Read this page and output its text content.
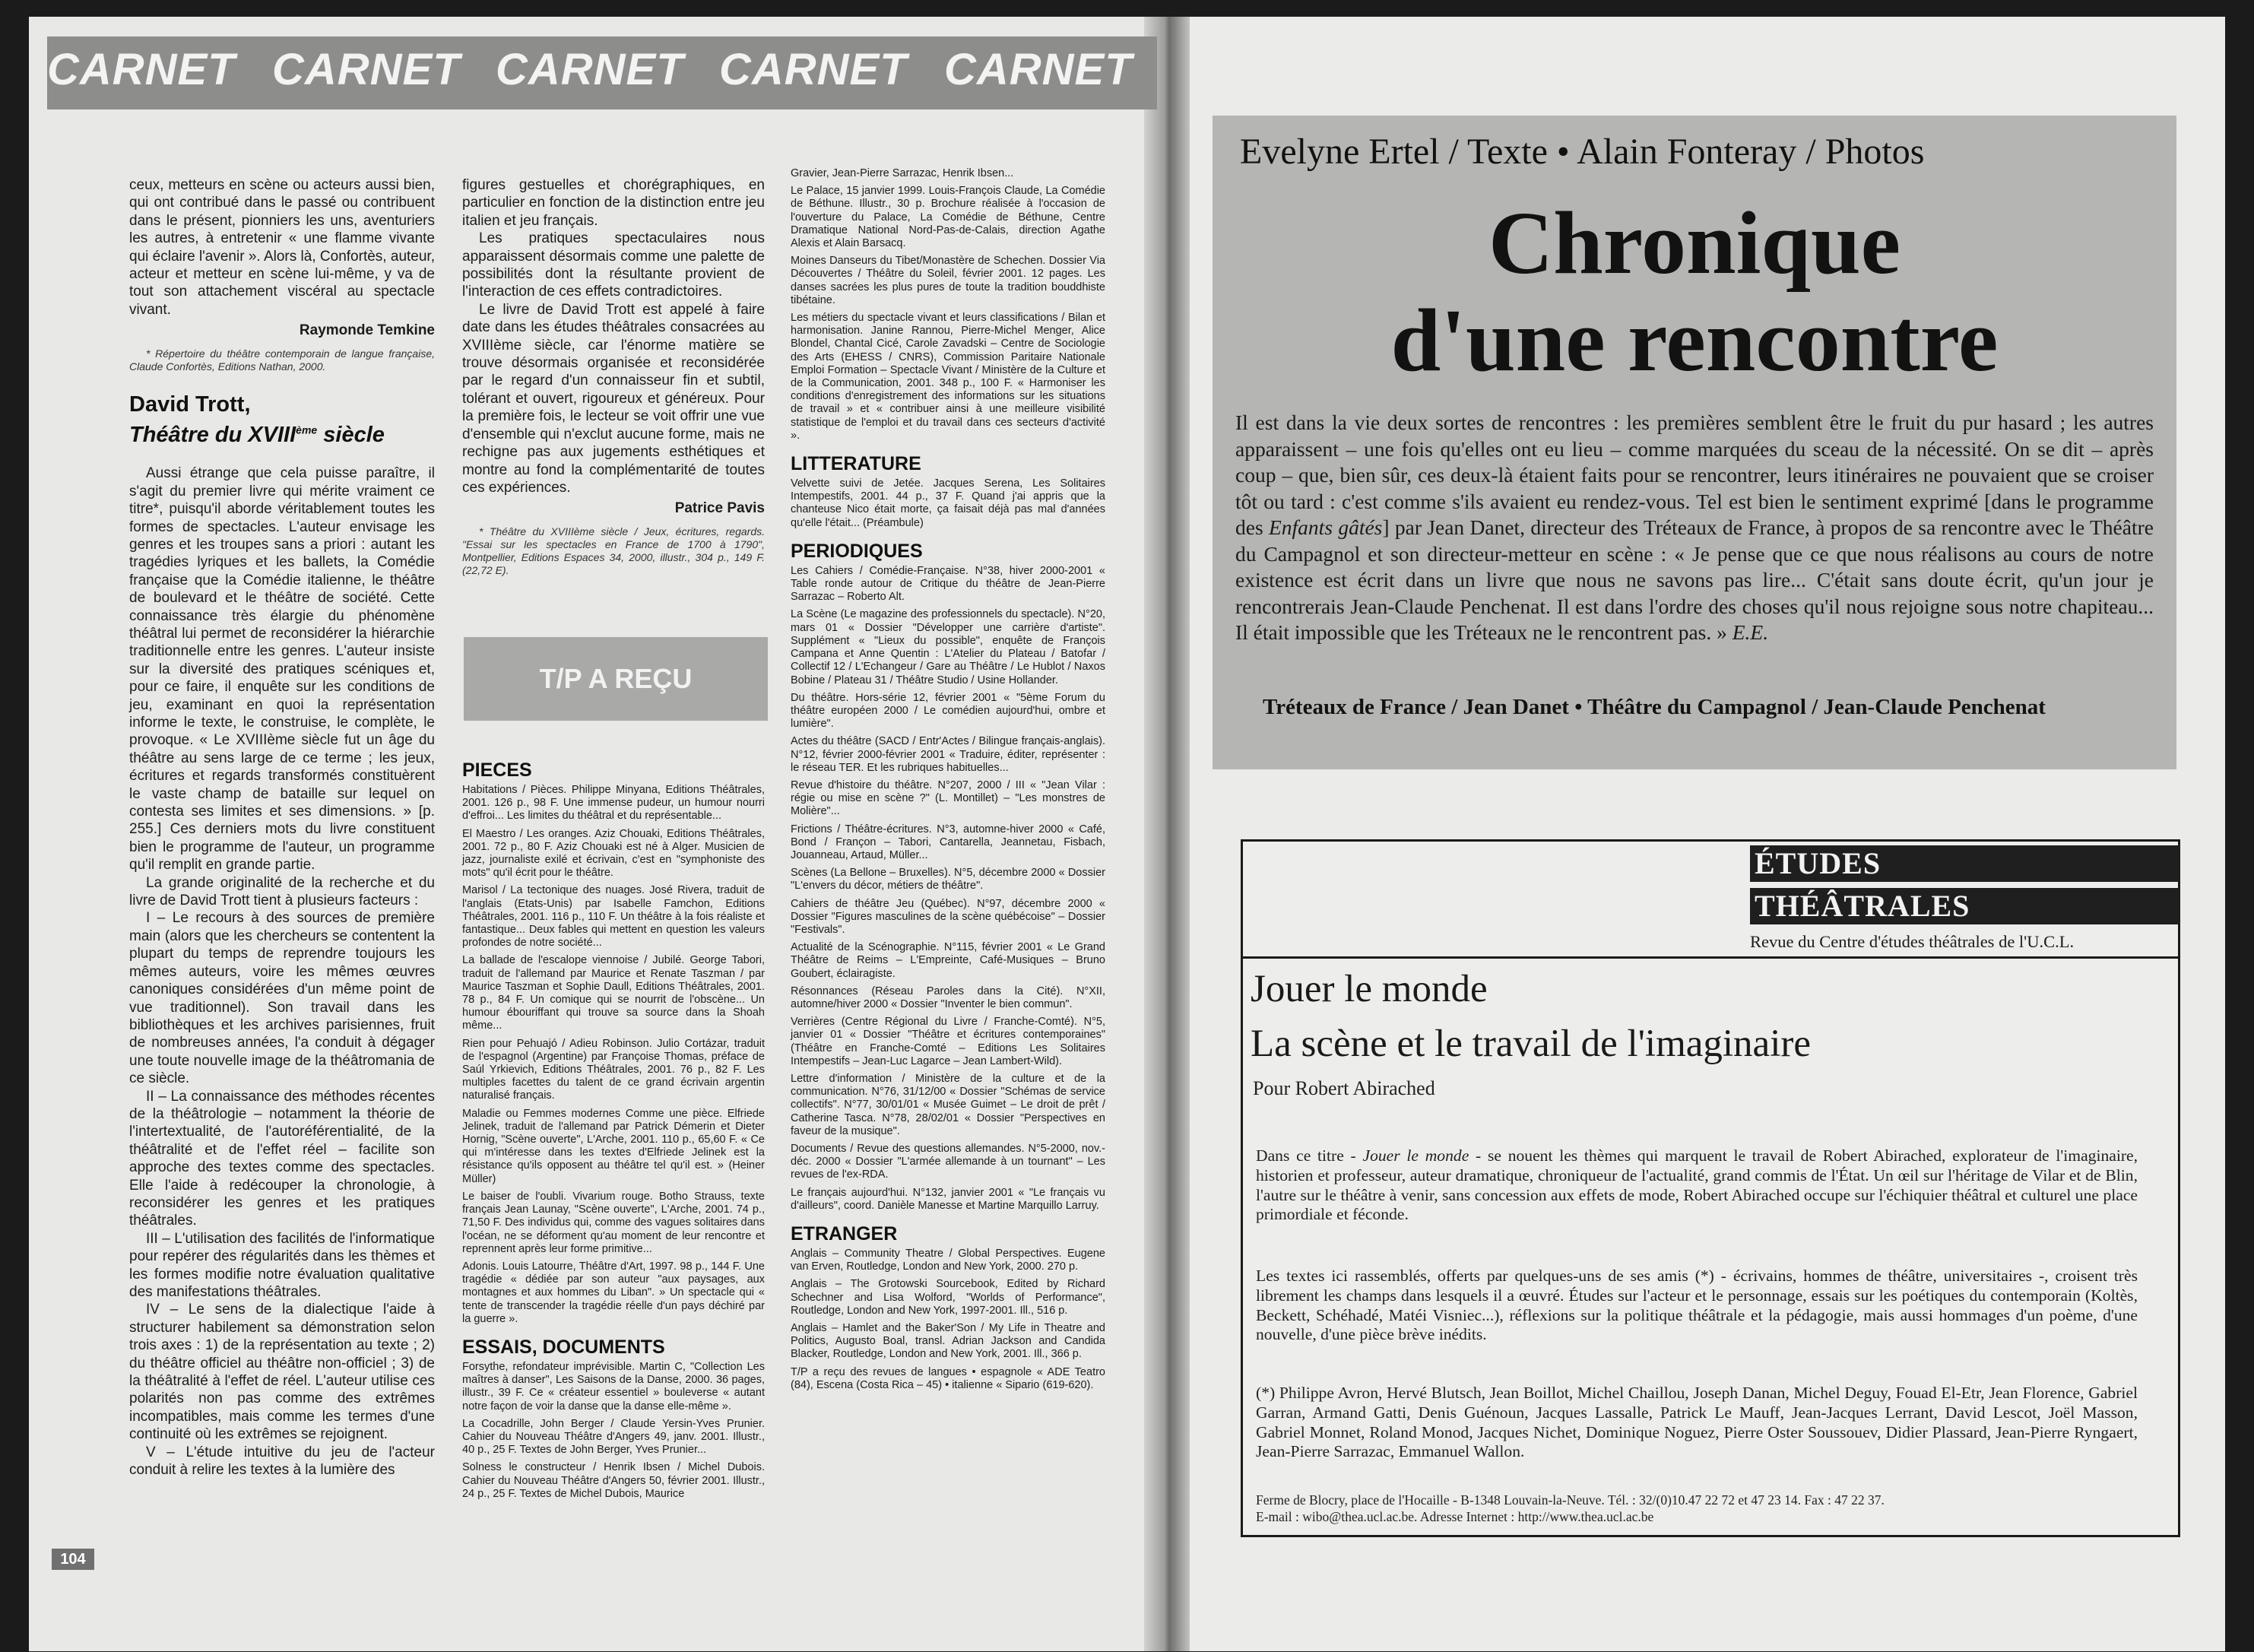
CARNET CARNET CARNET CARNET CARNET

ceux, metteurs en scène ou acteurs aussi bien, qui ont contribué dans le passé ou contribuent dans le présent, pionniers les uns, aventuriers les autres, à entretenir « une flamme vivante qui éclaire l'avenir ». Alors là, Confortès, auteur, acteur et metteur en scène lui-même, y va de tout son attachement viscéral au spectacle vivant.

Raymonde Temkine

* Répertoire du théâtre contemporain de langue française, Claude Confortès, Editions Nathan, 2000.

David Trott,
Théâtre du XVIIIème siècle

Aussi étrange que cela puisse paraître, il s'agit du premier livre qui mérite vraiment ce titre*, puisqu'il aborde véritablement toutes les formes de spectacles. L'auteur envisage les genres et les troupes sans a priori : autant les tragédies lyriques et les ballets, la Comédie française que la Comédie italienne, le théâtre de boulevard et le théâtre de société. Cette connaissance très élargie du phénomène théâtral lui permet de reconsidérer la hiérarchie traditionnelle entre les genres. L'auteur insiste sur la diversité des pratiques scéniques et, pour ce faire, il enquête sur les conditions de jeu, examinant en quoi la représentation informe le texte, le construise, le complète, le provoque. « Le XVIIIème siècle fut un âge du théâtre au sens large de ce terme ; les jeux, écritures et regards transformés constituèrent le vaste champ de bataille sur lequel on contesta ses limites et ses dimensions. » [p. 255.] Ces derniers mots du livre constituent bien le programme de l'auteur, un programme qu'il remplit en grande partie.

La grande originalité de la recherche et du livre de David Trott tient à plusieurs facteurs :

I – Le recours à des sources de première main (alors que les chercheurs se contentent la plupart du temps de reprendre toujours les mêmes auteurs, voire les mêmes œuvres canoniques considérées d'un même point de vue traditionnel). Son travail dans les bibliothèques et les archives parisiennes, fruit de nombreuses années, l'a conduit à dégager une toute nouvelle image de la théâtromania de ce siècle.

II – La connaissance des méthodes récentes de la théâtrologie – notamment la théorie de l'intertextualité, de l'autoréférentialité, de la théâtralité et de l'effet réel – facilite son approche des textes comme des spectacles. Elle l'aide à redécouper la chronologie, à reconsidérer les genres et les pratiques théâtrales.

III – L'utilisation des facilités de l'informatique pour repérer des régularités dans les thèmes et les formes modifie notre évaluation qualitative des manifestations théâtrales.

IV – Le sens de la dialectique l'aide à structurer habilement sa démonstration selon trois axes : 1) de la représentation au texte ; 2) du théâtre officiel au théâtre non-officiel ; 3) de la théâtralité à l'effet de réel. L'auteur utilise ces polarités non pas comme des extrêmes incompatibles, mais comme les termes d'une continuité où les extrêmes se rejoignent.

V – L'étude intuitive du jeu de l'acteur conduit à relire les textes à la lumière des

figures gestuelles et chorégraphiques, en particulier en fonction de la distinction entre jeu italien et jeu français.

Les pratiques spectaculaires nous apparaissent désormais comme une palette de possibilités dont la résultante provient de l'interaction de ces effets contradictoires.

Le livre de David Trott est appelé à faire date dans les études théâtrales consacrées au XVIIIème siècle, car l'énorme matière se trouve désormais organisée et reconsidérée par le regard d'un connaisseur fin et subtil, tolérant et ouvert, rigoureux et généreux. Pour la première fois, le lecteur se voit offrir une vue d'ensemble qui n'exclut aucune forme, mais ne rechigne pas aux jugements esthétiques et montre au fond la complémentarité de toutes ces expériences.

Patrice Pavis

* Théâtre du XVIIIème siècle / Jeux, écritures, regards. "Essai sur les spectacles en France de 1700 à 1790", Montpellier, Editions Espaces 34, 2000, illustr., 304 p., 149 F. (22,72 E).

T/P A REÇU
PIECES
Habitations / Pièces. Philippe Minyana, Editions Théâtrales, 2001. 126 p., 98 F. Une immense pudeur, un humour nourri d'effroi... Les limites du théâtral et du représentable...
El Maestro / Les oranges. Aziz Chouaki, Editions Théâtrales, 2001. 72 p., 80 F. Aziz Chouaki est né à Alger. Musicien de jazz, journaliste exilé et écrivain, c'est en "symphoniste des mots" qu'il écrit pour le théâtre.
Marisol / La tectonique des nuages. José Rivera, traduit de l'anglais (Etats-Unis) par Isabelle Famchon, Editions Théâtrales, 2001. 116 p., 110 F. Un théâtre à la fois réaliste et fantastique... Deux fables qui mettent en question les valeurs profondes de notre société...
La ballade de l'escalope viennoise / Jubilé. George Tabori, traduit de l'allemand par Maurice et Renate Taszman / par Maurice Taszman et Sophie Daull, Editions Théâtrales, 2001. 78 p., 84 F. Un comique qui se nourrit de l'obscène... Un humour ébouriffant qui trouve sa source dans la Shoah même...
Rien pour Pehuajó / Adieu Robinson. Julio Cortázar, traduit de l'espagnol (Argentine) par Françoise Thomas, préface de Saúl Yrkievich, Editions Théâtrales, 2001. 76 p., 82 F. Les multiples facettes du talent de ce grand écrivain argentin naturalisé français.
Maladie ou Femmes modernes Comme une pièce. Elfriede Jelinek, traduit de l'allemand par Patrick Démerin et Dieter Hornig, "Scène ouverte", L'Arche, 2001. 110 p., 65,60 F. « Ce qui m'intéresse dans les textes d'Elfriede Jelinek est la résistance qu'ils opposent au théâtre tel qu'il est. » (Heiner Müller)
Le baiser de l'oubli. Vivarium rouge. Botho Strauss, texte français Jean Launay, "Scène ouverte", L'Arche, 2001. 74 p., 71,50 F. Des individus qui, comme des vagues solitaires dans l'océan, ne se déforment qu'au moment de leur rencontre et reprennent après leur forme primitive...
Adonis. Louis Latourre, Théâtre d'Art, 1997. 98 p., 144 F. Une tragédie « dédiée par son auteur "aux paysages, aux montagnes et aux hommes du Liban". » Un spectacle qui « tente de transcender la tragédie réelle d'un pays déchiré par la guerre ».
ESSAIS, DOCUMENTS
Forsythe, refondateur imprévisible. Martin C, "Collection Les maîtres à danser", Les Saisons de la Danse, 2000. 36 pages, illustr., 39 F. Ce « créateur essentiel » bouleverse « autant notre façon de voir la danse que la danse elle-même ».
La Cocadrille, John Berger / Claude Yersin-Yves Prunier. Cahier du Nouveau Théâtre d'Angers 49, janv. 2001. Illustr., 40 p., 25 F. Textes de John Berger, Yves Prunier...
Solness le constructeur / Henrik Ibsen / Michel Dubois. Cahier du Nouveau Théâtre d'Angers 50, février 2001. Illustr., 24 p., 25 F. Textes de Michel Dubois, Maurice
Gravier, Jean-Pierre Sarrazac, Henrik Ibsen...
Le Palace, 15 janvier 1999. Louis-François Claude, La Comédie de Béthune. Illustr., 30 p. Brochure réalisée à l'occasion de l'ouverture du Palace, La Comédie de Béthune, Centre Dramatique National Nord-Pas-de-Calais, direction Agathe Alexis et Alain Barsacq.
Moines Danseurs du Tibet/Monastère de Schechen. Dossier Via Découvertes / Théâtre du Soleil, février 2001. 12 pages. Les danses sacrées les plus pures de toute la tradition bouddhiste tibétaine.
Les métiers du spectacle vivant et leurs classifications / Bilan et harmonisation. Janine Rannou, Pierre-Michel Menger, Alice Blondel, Chantal Cicé, Carole Zavadski – Centre de Sociologie des Arts (EHESS / CNRS), Commission Paritaire Nationale Emploi Formation – Spectacle Vivant / Ministère de la Culture et de la Communication, 2001. 348 p., 100 F. « Harmoniser les conditions d'enregistrement des informations sur les situations de travail » et « contribuer ainsi à une meilleure visibilité statistique de l'emploi et du travail dans ces secteurs d'activité ».
LITTERATURE
Velvette suivi de Jetée. Jacques Serena, Les Solitaires Intempestifs, 2001. 44 p., 37 F. Quand j'ai appris que la chanteuse Nico était morte, ça faisait déjà pas mal d'années qu'elle l'était... (Préambule)
PERIODIQUES
Les Cahiers / Comédie-Française. N°38, hiver 2000-2001 « Table ronde autour de Critique du théâtre de Jean-Pierre Sarrazac – Roberto Alt.
La Scène (Le magazine des professionnels du spectacle). N°20, mars 01 « Dossier "Développer une carrière d'artiste". Supplément « "Lieux du possible", enquête de François Campana et Anne Quentin : L'Atelier du Plateau / Batofar / Collectif 12 / L'Echangeur / Gare au Théâtre / Le Hublot / Naxos Bobine / Plateau 31 / Théâtre Studio / Usine Hollander.
Du théâtre. Hors-série 12, février 2001 « "5ème Forum du théâtre européen 2000 / Le comédien aujourd'hui, ombre et lumière".
Actes du théâtre (SACD / Entr'Actes / Bilingue français-anglais). N°12, février 2000-février 2001 « Traduire, éditer, représenter : le réseau TER. Et les rubriques habituelles...
Revue d'histoire du théâtre. N°207, 2000 / III « "Jean Vilar : régie ou mise en scène ?" (L. Montillet) – "Les monstres de Molière"...
Frictions / Théâtre-écritures. N°3, automne-hiver 2000 « Café, Bond / Françon – Tabori, Cantarella, Jeannetau, Fisbach, Jouanneau, Artaud, Müller...
Scènes (La Bellone – Bruxelles). N°5, décembre 2000 « Dossier "L'envers du décor, métiers de théâtre".
Cahiers de théâtre Jeu (Québec). N°97, décembre 2000 « Dossier "Figures masculines de la scène québécoise" – Dossier "Festivals".
Actualité de la Scénographie. N°115, février 2001 « Le Grand Théâtre de Reims – L'Empreinte, Café-Musiques – Bruno Goubert, éclairagiste.
Résonnances (Réseau Paroles dans la Cité). N°XII, automne/hiver 2000 « Dossier "Inventer le bien commun".
Verrières (Centre Régional du Livre / Franche-Comté). N°5, janvier 01 « Dossier "Théâtre et écritures contemporaines" (Théâtre en Franche-Comté – Editions Les Solitaires Intempestifs – Jean-Luc Lagarce – Jean Lambert-Wild).
Lettre d'information / Ministère de la culture et de la communication. N°76, 31/12/00 « Dossier "Schémas de service collectifs". N°77, 30/01/01 « Musée Guimet – Le droit de prêt / Catherine Tasca. N°78, 28/02/01 « Dossier "Perspectives en faveur de la musique".
Documents / Revue des questions allemandes. N°5-2000, nov.-déc. 2000 « Dossier "L'armée allemande à un tournant" – Les revues de l'ex-RDA.
Le français aujourd'hui. N°132, janvier 2001 « "Le français vu d'ailleurs", coord. Danièle Manesse et Martine Marquillo Larruy.
ETRANGER
Anglais – Community Theatre / Global Perspectives. Eugene van Erven, Routledge, London and New York, 2000. 270 p.
Anglais – The Grotowski Sourcebook, Edited by Richard Schechner and Lisa Wolford, "Worlds of Performance", Routledge, London and New York, 1997-2001. Ill., 516 p.
Anglais – Hamlet and the Baker'Son / My Life in Theatre and Politics, Augusto Boal, transl. Adrian Jackson and Candida Blacker, Routledge, London and New York, 2001. Ill., 366 p.
T/P a reçu des revues de langues • espagnole « ADE Teatro (84), Escena (Costa Rica – 45) • italienne « Sipario (619-620).
104
Evelyne Ertel / Texte • Alain Fonteray / Photos
Chronique
d'une rencontre
Il est dans la vie deux sortes de rencontres : les premières semblent être le fruit du pur hasard ; les autres apparaissent – une fois qu'elles ont eu lieu – comme marquées du sceau de la nécessité. On se dit – après coup – que, bien sûr, ces deux-là étaient faits pour se rencontrer, leurs itinéraires ne pouvaient que se croiser tôt ou tard : c'est comme s'ils avaient eu rendez-vous. Tel est bien le sentiment exprimé [dans le programme des Enfants gâtés] par Jean Danet, directeur des Tréteaux de France, à propos de sa rencontre avec le Théâtre du Campagnol et son directeur-metteur en scène : « Je pense que ce que nous réalisons au cours de notre existence est écrit dans un livre que nous ne savons pas lire... C'était sans doute écrit, qu'un jour je rencontrerais Jean-Claude Penchenat. Il est dans l'ordre des choses qu'il nous rejoigne sous notre chapiteau... Il était impossible que les Tréteaux ne le rencontrent pas. » E.E.
Tréteaux de France / Jean Danet • Théâtre du Campagnol / Jean-Claude Penchenat
ÉTUDES
THÉÂTRALES
Revue du Centre d'études théâtrales de l'U.C.L.
Jouer le monde
La scène et le travail de l'imaginaire
Pour Robert Abirached
Dans ce titre - Jouer le monde - se nouent les thèmes qui marquent le travail de Robert Abirached, explorateur de l'imaginaire, historien et professeur, auteur dramatique, chroniqueur de l'actualité, grand commis de l'État. Un œil sur l'héritage de Vilar et de Blin, l'autre sur le théâtre à venir, sans concession aux effets de mode, Robert Abirached occupe sur l'échiquier théâtral et culturel une place primordiale et féconde.
Les textes ici rassemblés, offerts par quelques-uns de ses amis (*) - écrivains, hommes de théâtre, universitaires -, croisent très librement les champs dans lesquels il a œuvré. Études sur l'acteur et le personnage, essais sur les poétiques du contemporain (Koltès, Beckett, Schéhadé, Matéi Visniec...), réflexions sur la politique théâtrale et la pédagogie, mais aussi hommages d'un poème, d'une nouvelle, d'une pièce brève inédits.
(*) Philippe Avron, Hervé Blutsch, Jean Boillot, Michel Chaillou, Joseph Danan, Michel Deguy, Fouad El-Etr, Jean Florence, Gabriel Garran, Armand Gatti, Denis Guénoun, Jacques Lassalle, Patrick Le Mauff, Jean-Jacques Lerrant, David Lescot, Joël Masson, Gabriel Monnet, Roland Monod, Jacques Nichet, Dominique Noguez, Pierre Oster Soussouev, Didier Plassard, Jean-Pierre Ryngaert, Jean-Pierre Sarrazac, Emmanuel Wallon.
Ferme de Blocry, place de l'Hocaille - B-1348 Louvain-la-Neuve. Tél. : 32/(0)10.47 22 72 et 47 23 14. Fax : 47 22 37.
E-mail : wibo@thea.ucl.ac.be. Adresse Internet : http://www.thea.ucl.ac.be
